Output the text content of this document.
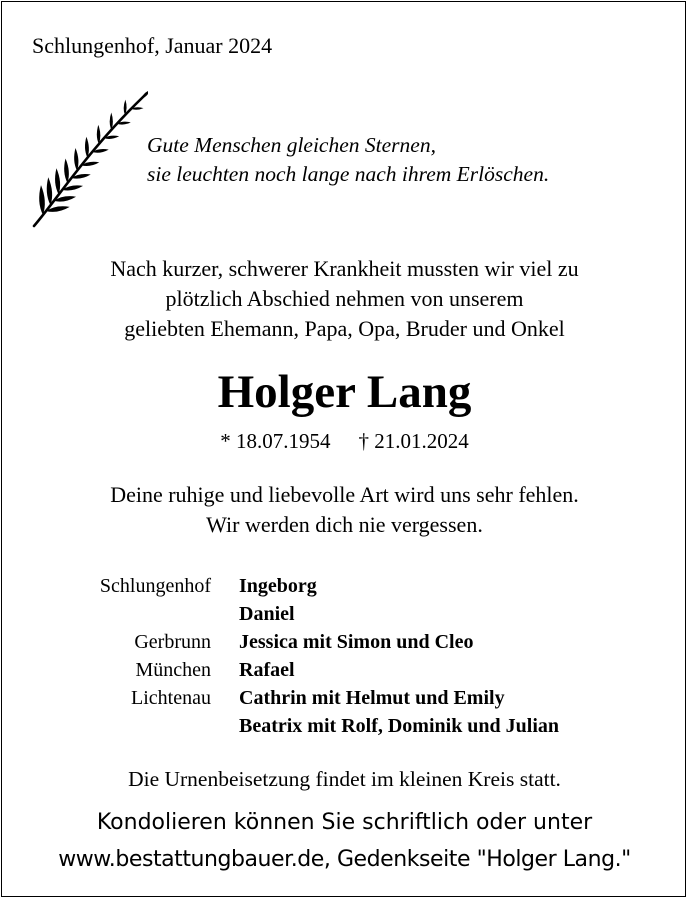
Schlungenhof, Januar 2024
Gute Menschen gleichen Sternen,
sie leuchten noch lange nach ihrem Erlöschen.
Nach kurzer, schwerer Krankheit mussten wir viel zu
plötzlich Abschied nehmen von unserem
geliebten Ehemann, Papa, Opa, Bruder und Onkel
Holger Lang
* 18.07.1954 † 21.01.2024
Deine ruhige und liebevolle Art wird uns sehr fehlen.
Wir werden dich nie vergessen.
Schlungenhof Ingeborg
Daniel
Gerbrunn Jessica mit Simon und Cleo
München Rafael
Lichtenau Cathrin mit Helmut und Emily
Beatrix mit Rolf, Dominik und Julian
Die Urnenbeisetzung findet im kleinen Kreis statt.
Kondolieren können Sie schriftlich oder unter
www.bestattungbauer.de, Gedenkseite "Holger Lang."
